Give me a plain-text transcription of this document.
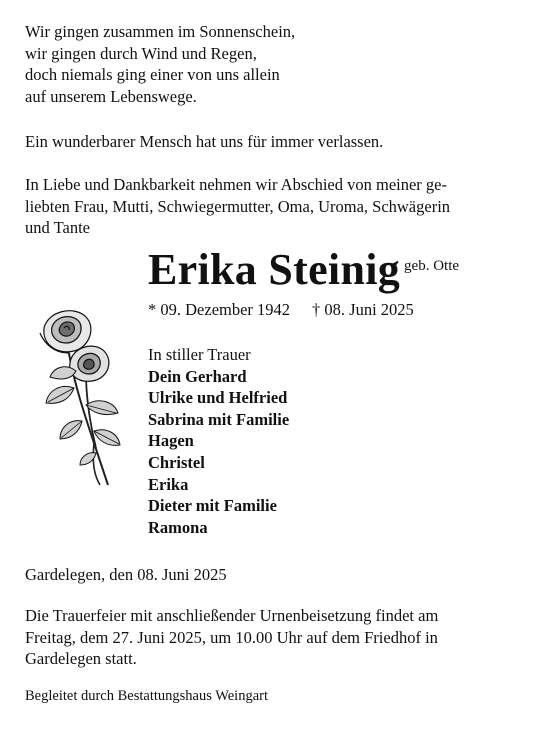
Wir gingen zusammen im Sonnenschein,
wir gingen durch Wind und Regen,
doch niemals ging einer von uns allein
auf unserem Lebenswege.
Ein wunderbarer Mensch hat uns für immer verlassen.
In Liebe und Dankbarkeit nehmen wir Abschied von meiner ge-
liebten Frau, Mutti, Schwiegermutter, Oma, Uroma, Schwägerin
und Tante
Erika Steinig geb. Otte
* 09. Dezember 1942 † 08. Juni 2025
In stiller Trauer
Dein Gerhard
Ulrike und Helfried
Sabrina mit Familie
Hagen
Christel
Erika
Dieter mit Familie
Ramona
Gardelegen, den 08. Juni 2025
Die Trauerfeier mit anschließender Urnenbeisetzung findet am
Freitag, dem 27. Juni 2025, um 10.00 Uhr auf dem Friedhof in
Gardelegen statt.
Begleitet durch Bestattungshaus Weingart
